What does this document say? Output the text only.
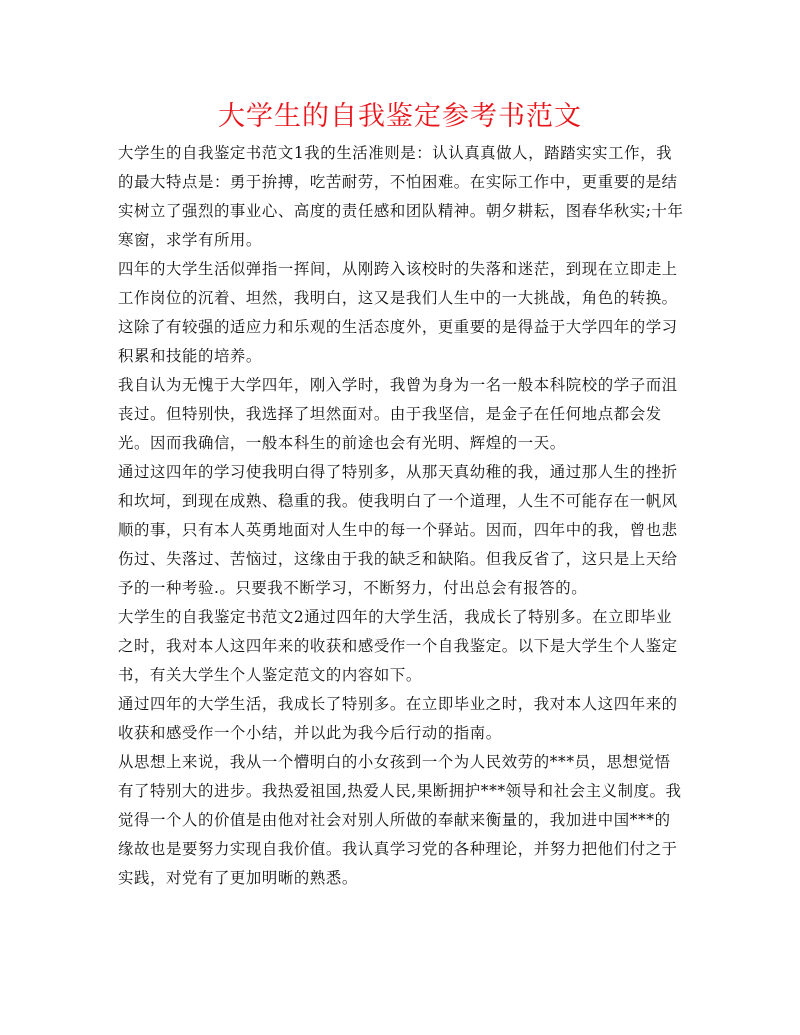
大学生的自我鉴定参考书范文

大学生的自我鉴定书范文1我的生活准则是：认认真真做人，踏踏实实工作，我的最大特点是：勇于拚搏，吃苦耐劳，不怕困难。在实际工作中，更重要的是结实树立了强烈的事业心、高度的责任感和团队精神。朝夕耕耘，图春华秋实;十年寒窗，求学有所用。

四年的大学生活似弹指一挥间，从刚跨入该校时的失落和迷茫，到现在立即走上工作岗位的沉着、坦然，我明白，这又是我们人生中的一大挑战，角色的转换。这除了有较强的适应力和乐观的生活态度外，更重要的是得益于大学四年的学习积累和技能的培养。

我自认为无愧于大学四年，刚入学时，我曾为身为一名一般本科院校的学子而沮丧过。但特别快，我选择了坦然面对。由于我坚信，是金子在任何地点都会发光。因而我确信，一般本科生的前途也会有光明、辉煌的一天。

通过这四年的学习使我明白得了特别多，从那天真幼稚的我，通过那人生的挫折和坎坷，到现在成熟、稳重的我。使我明白了一个道理，人生不可能存在一帆风顺的事，只有本人英勇地面对人生中的每一个驿站。因而，四年中的我，曾也悲伤过、失落过、苦恼过，这缘由于我的缺乏和缺陷。但我反省了，这只是上天给予的一种考验.。只要我不断学习，不断努力，付出总会有报答的。

大学生的自我鉴定书范文2通过四年的大学生活，我成长了特别多。在立即毕业之时，我对本人这四年来的收获和感受作一个自我鉴定。以下是大学生个人鉴定书，有关大学生个人鉴定范文的内容如下。

通过四年的大学生活，我成长了特别多。在立即毕业之时，我对本人这四年来的收获和感受作一个小结，并以此为我今后行动的指南。

从思想上来说，我从一个懵明白的小女孩到一个为人民效劳的***员，思想觉悟有了特别大的进步。我热爱祖国,热爱人民,果断拥护***领导和社会主义制度。我觉得一个人的价值是由他对社会对别人所做的奉献来衡量的，我加进中国***的缘故也是要努力实现自我价值。我认真学习党的各种理论，并努力把他们付之于实践，对党有了更加明晰的熟悉。
